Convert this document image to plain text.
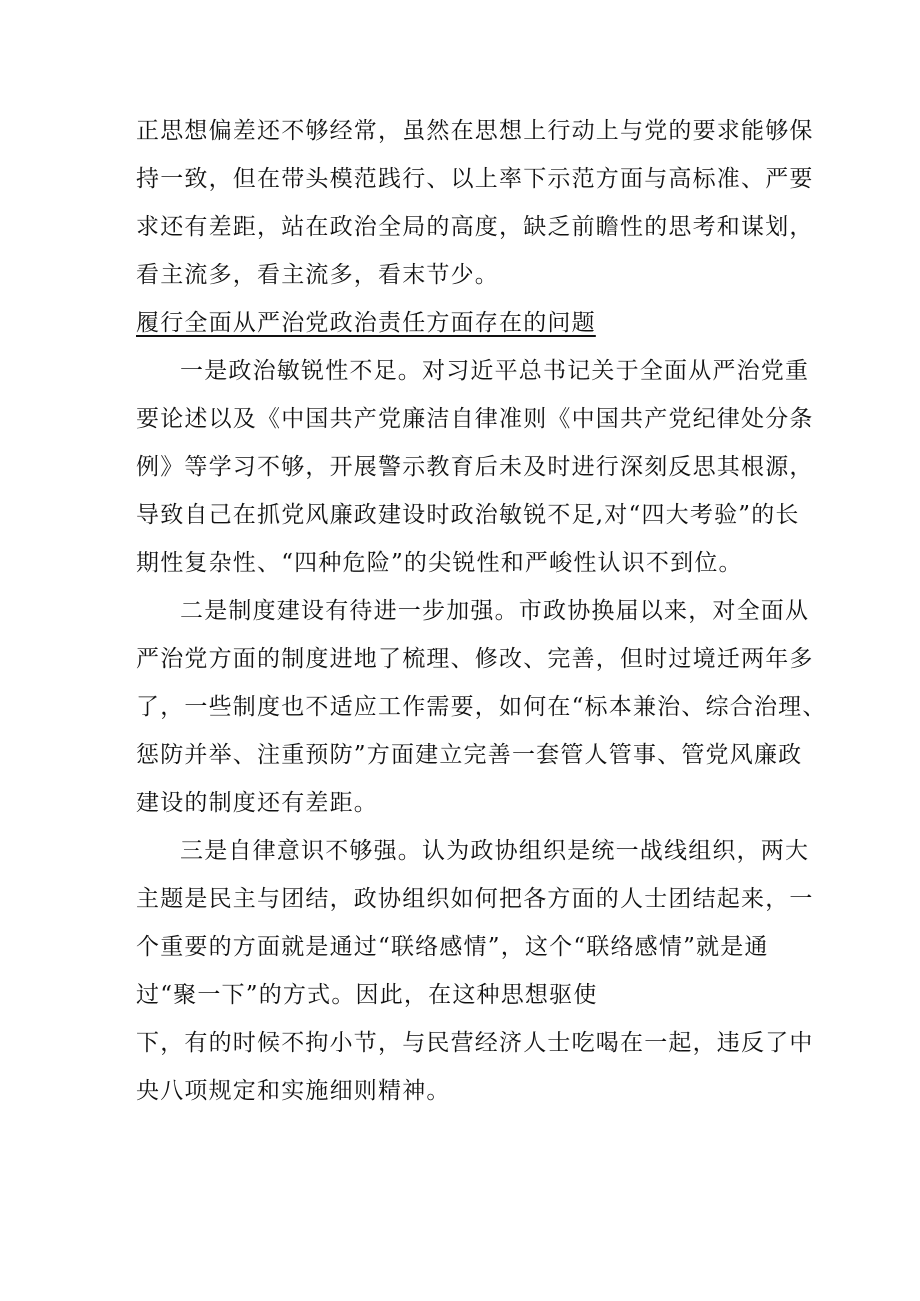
正思想偏差还不够经常，虽然在思想上行动上与党的要求能够保
持一致，但在带头模范践行、以上率下示范方面与高标准、严要
求还有差距，站在政治全局的高度，缺乏前瞻性的思考和谋划，
看主流多，看主流多，看末节少。
履行全面从严治党政治责任方面存在的问题
一是政治敏锐性不足。对习近平总书记关于全面从严治党重
要论述以及《中国共产党廉洁自律准则《中国共产党纪律处分条
例》等学习不够，开展警示教育后未及时进行深刻反思其根源，
导致自己在抓党风廉政建设时政治敏锐不足,对“四大考验”的长
期性复杂性、“四种危险”的尖锐性和严峻性认识不到位。
二是制度建设有待进一步加强。市政协换届以来，对全面从
严治党方面的制度进地了梳理、修改、完善，但时过境迁两年多
了，一些制度也不适应工作需要，如何在“标本兼治、综合治理、
惩防并举、注重预防”方面建立完善一套管人管事、管党风廉政
建设的制度还有差距。
三是自律意识不够强。认为政协组织是统一战线组织，两大
主题是民主与团结，政协组织如何把各方面的人士团结起来，一
个重要的方面就是通过“联络感情”，这个“联络感情”就是通
过“聚一下”的方式。因此，在这种思想驱使
下，有的时候不拘小节，与民营经济人士吃喝在一起，违反了中
央八项规定和实施细则精神。
